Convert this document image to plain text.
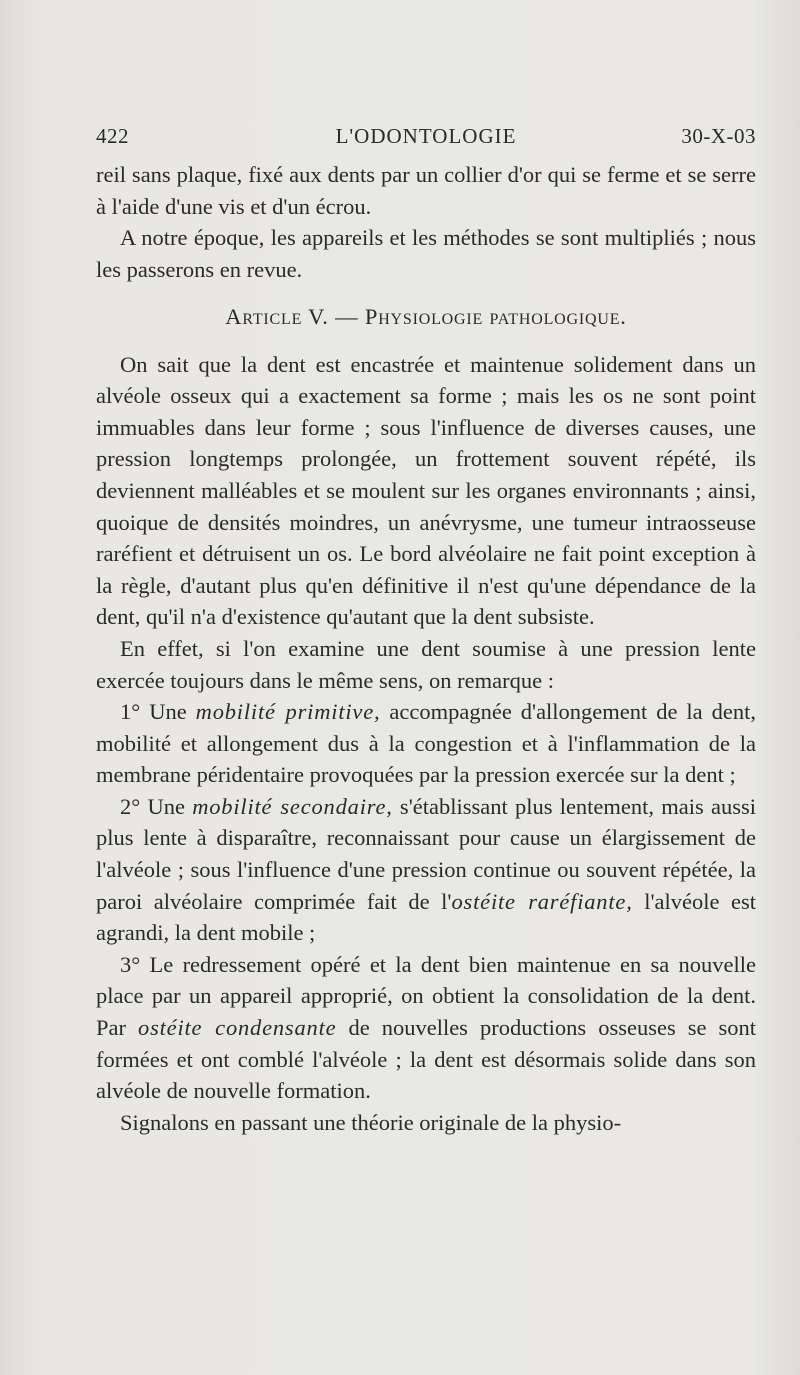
422	L'ODONTOLOGIE	30-X-03

reil sans plaque, fixé aux dents par un collier d'or qui se ferme et se serre à l'aide d'une vis et d'un écrou.

A notre époque, les appareils et les méthodes se sont multipliés ; nous les passerons en revue.

Article V. — Physiologie pathologique.

On sait que la dent est encastrée et maintenue solidement dans un alvéole osseux qui a exactement sa forme ; mais les os ne sont point immuables dans leur forme ; sous l'influence de diverses causes, une pression longtemps prolongée, un frottement souvent répété, ils deviennent malléables et se moulent sur les organes environnants ; ainsi, quoique de densités moindres, un anévrysme, une tumeur intraosseuse raréfient et détruisent un os. Le bord alvéolaire ne fait point exception à la règle, d'autant plus qu'en définitive il n'est qu'une dépendance de la dent, qu'il n'a d'existence qu'autant que la dent subsiste.

En effet, si l'on examine une dent soumise à une pression lente exercée toujours dans le même sens, on remarque :

1° Une mobilité primitive, accompagnée d'allongement de la dent, mobilité et allongement dus à la congestion et à l'inflammation de la membrane péridentaire provoquées par la pression exercée sur la dent ;

2° Une mobilité secondaire, s'établissant plus lentement, mais aussi plus lente à disparaître, reconnaissant pour cause un élargissement de l'alvéole ; sous l'influence d'une pression continue ou souvent répétée, la paroi alvéolaire comprimée fait de l'ostéite raréfiante, l'alvéole est agrandi, la dent mobile ;

3° Le redressement opéré et la dent bien maintenue en sa nouvelle place par un appareil approprié, on obtient la consolidation de la dent. Par ostéite condensante de nouvelles productions osseuses se sont formées et ont comblé l'alvéole ; la dent est désormais solide dans son alvéole de nouvelle formation.

Signalons en passant une théorie originale de la physio-
